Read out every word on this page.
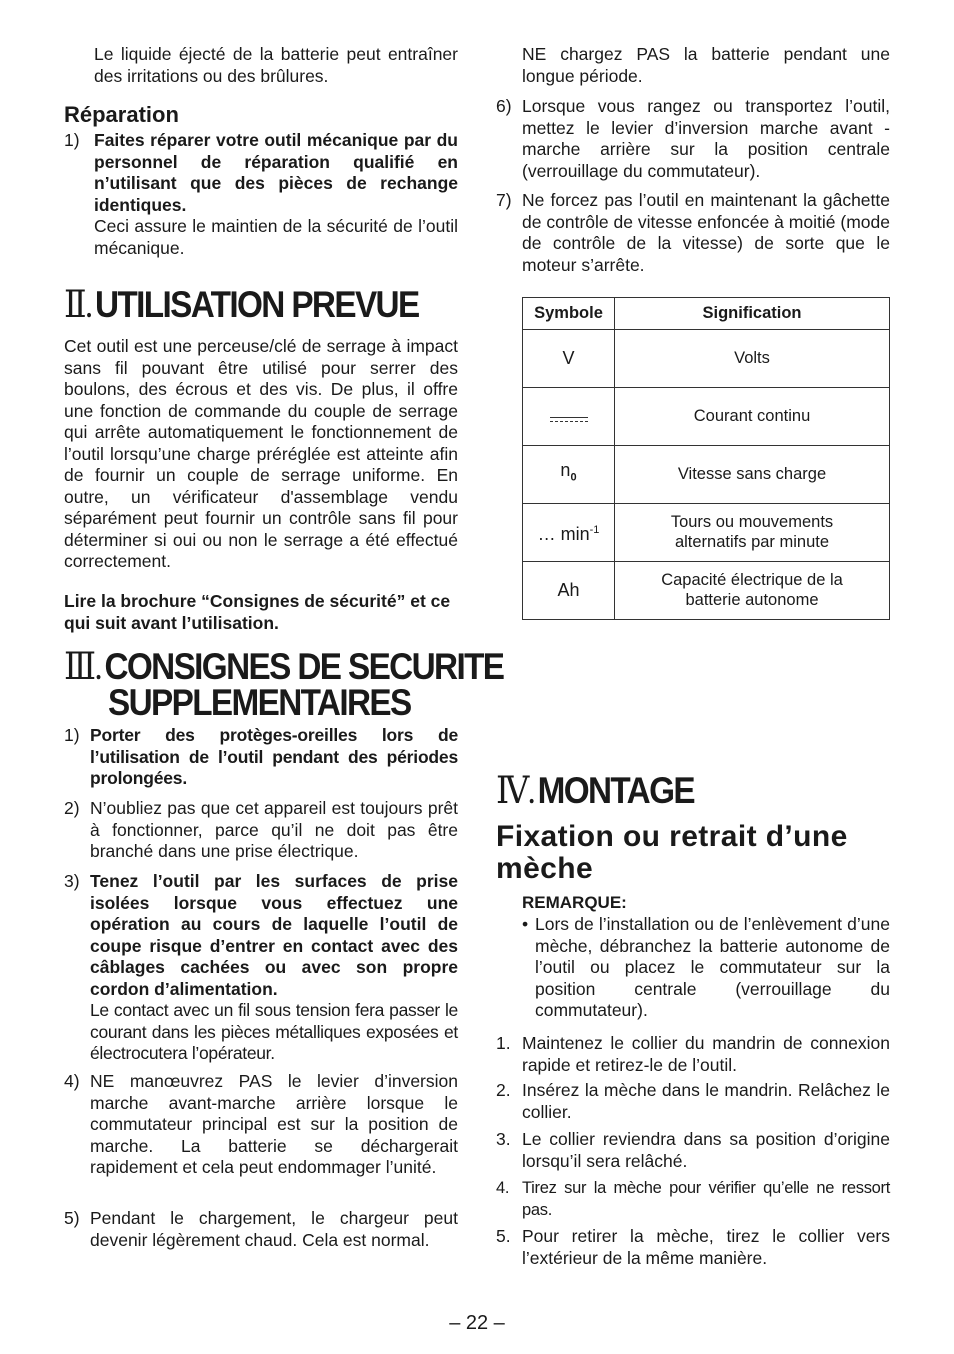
Le liquide éjecté de la batterie peut entraîner des irritations ou des brûlures.
Réparation
1) Faites réparer votre outil mécanique par du personnel de réparation qualifié en n’utilisant que des pièces de rechange identiques.
Ceci assure le maintien de la sécurité de l’outil mécanique.
Ⅱ.UTILISATION PREVUE
Cet outil est une perceuse/clé de serrage à impact sans fil pouvant être utilisé pour serrer des boulons, des écrous et des vis. De plus, il offre une fonction de commande du couple de serrage qui arrête automatiquement le fonctionnement de l’outil lorsqu’une charge préréglée est atteinte afin de fournir un couple de serrage uniforme. En outre, un vérificateur d'assemblage vendu séparément peut fournir un contrôle sans fil pour déterminer si oui ou non le serrage a été effectué correctement.
Lire la brochure “Consignes de sécurité” et ce qui suit avant l’utilisation.
Ⅲ.CONSIGNES DE SECURITE
SUPPLEMENTAIRES
1) Porter des protèges-oreilles lors de l’utilisation de l’outil pendant des périodes prolongées.
2) N’oubliez pas que cet appareil est toujours prêt à fonctionner, parce qu’il ne doit pas être branché dans une prise électrique.
3) Tenez l’outil par les surfaces de prise isolées lorsque vous effectuez une opération au cours de laquelle l’outil de coupe risque d’entrer en contact avec des câblages cachées ou avec son propre cordon d’alimentation.
Le contact avec un fil sous tension fera passer le courant dans les pièces métalliques exposées et électrocutera l’opérateur.
4) NE manœuvrez PAS le levier d’inversion marche avant-marche arrière lorsque le commutateur principal est sur la position de marche. La batterie se déchargerait rapidement et cela peut endommager l’unité.
5) Pendant le chargement, le chargeur peut devenir légèrement chaud. Cela est normal.
NE chargez PAS la batterie pendant une longue période.
6) Lorsque vous rangez ou transportez l’outil, mettez le levier d’inversion marche avant - marche arrière sur la position centrale (verrouillage du commutateur).
7) Ne forcez pas l’outil en maintenant la gâchette de contrôle de vitesse enfoncée à moitié (mode de contrôle de la vitesse) de sorte que le moteur s’arrête.
Symbole	Signification
V	Volts

	Courant continu
$n_0$	Vitesse sans charge
… $\min^{-1}$	Tours ou mouvements alternatifs par minute
Ah	Capacité électrique de la batterie autonome
Ⅳ.MONTAGE
Fixation ou retrait d’une mèche
REMARQUE:
• Lors de l’installation ou de l’enlèvement d’une mèche, débranchez la batterie autonome de l’outil ou placez le commutateur sur la position centrale (verrouillage du commutateur).
1. Maintenez le collier du mandrin de connexion rapide et retirez-le de l’outil.
2. Insérez la mèche dans le mandrin. Relâchez le collier.
3. Le collier reviendra dans sa position d’origine lorsqu’il sera relâché.
4. Tirez sur la mèche pour vérifier qu’elle ne ressort pas.
5. Pour retirer la mèche, tirez le collier vers l’extérieur de la même manière.
– 22 –
